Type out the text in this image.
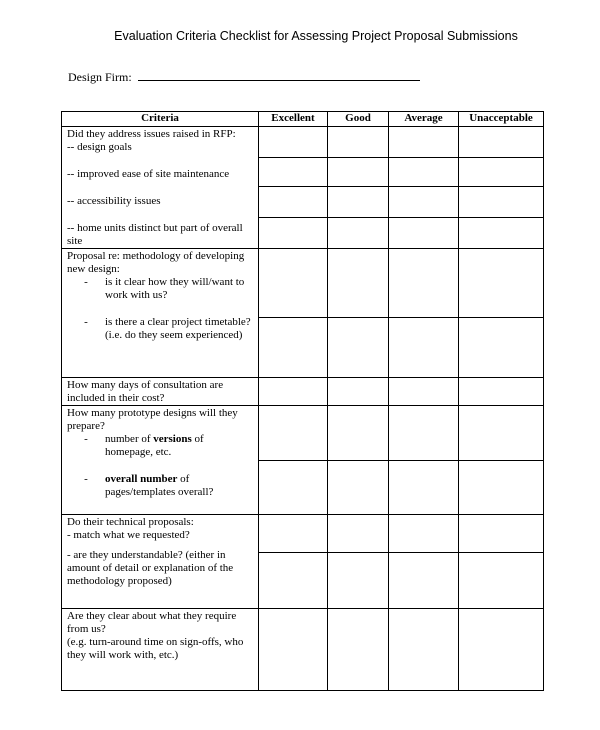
Evaluation Criteria Checklist for Assessing Project Proposal Submissions
Design Firm:
Criteria	Excellent	Good	Average	Unacceptable

Did they address issues raised in RFP:
-- design goals
-- improved ease of site maintenance
-- accessibility issues
-- home units distinct but part of overall site				

Proposal re: methodology of developing new design:
- is it clear how they will/want to work with us?
- is there a clear project timetable? (i.e. do they seem experienced)				

How many days of consultation are included in their cost?				

How many prototype designs will they prepare?
- number of versions of homepage, etc.
- overall number of pages/templates overall?				

Do their technical proposals:
- match what we requested?
- are they understandable? (either in amount of detail or explanation of the methodology proposed)				

Are they clear about what they require from us?
(e.g. turn-around time on sign-offs, who they will work with, etc.)				
